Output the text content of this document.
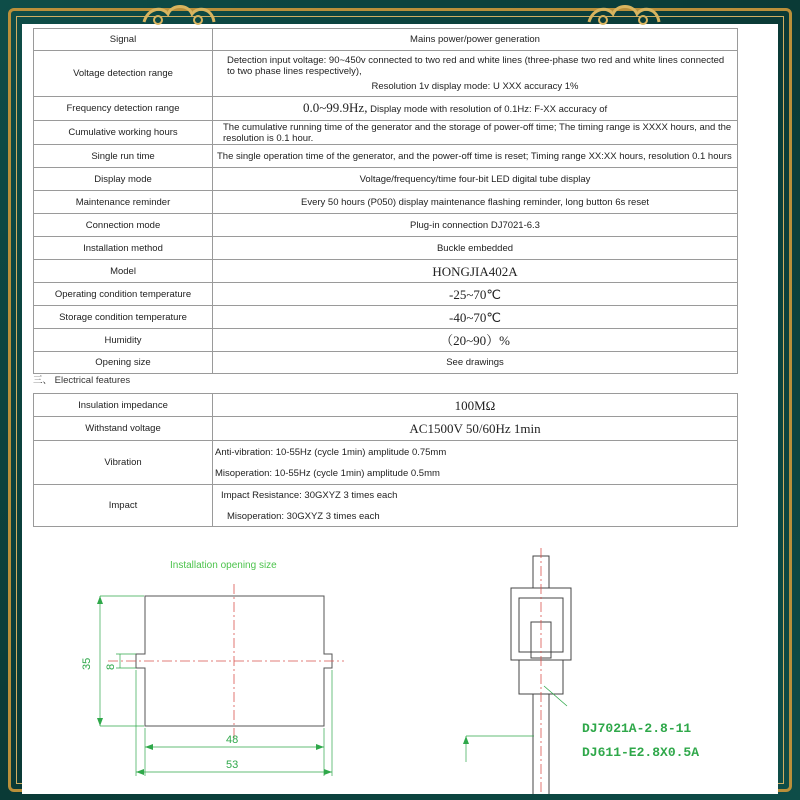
Signal	Mains power/power generation
Voltage detection range	Detection input voltage: 90~450v connected to two red and white lines (three-phase two red and white lines connected to two phase lines respectively),
Resolution 1v display mode: U XXX accuracy 1%

Frequency detection range	0.0~99.9Hz, Display mode with resolution of 0.1Hz: F-XX accuracy of
Cumulative working hours	The cumulative running time of the generator and the storage of power-off time; The timing range is XXXX hours, and the resolution is 0.1 hour.
Single run time	The single operation time of the generator, and the power-off time is reset; Timing range XX:XX hours, resolution 0.1 hours
Display mode	Voltage/frequency/time four-bit LED digital tube display
Maintenance reminder	Every 50 hours (P050) display maintenance flashing reminder, long button 6s reset
Connection mode	Plug-in connection DJ7021-6.3
Installation method	Buckle embedded
Model	HONGJIA402A
Operating condition temperature	-25~70℃
Storage condition temperature	-40~70℃
Humidity	（20~90）%
Opening size	See drawings
三、 Electrical features
Insulation impedance	100MΩ
Withstand voltage	AC1500V 50/60Hz 1min
Vibration	Anti-vibration: 10-55Hz (cycle 1min) amplitude 0.75mm
Misoperation: 10-55Hz (cycle 1min) amplitude 0.5mm

Impact	Impact Resistance: 30GXYZ 3 times each
Misoperation: 30GXYZ 3 times each
Installation opening size
35 8
48
53
DJ7021A-2.8-11
DJ611-E2.8X0.5A
